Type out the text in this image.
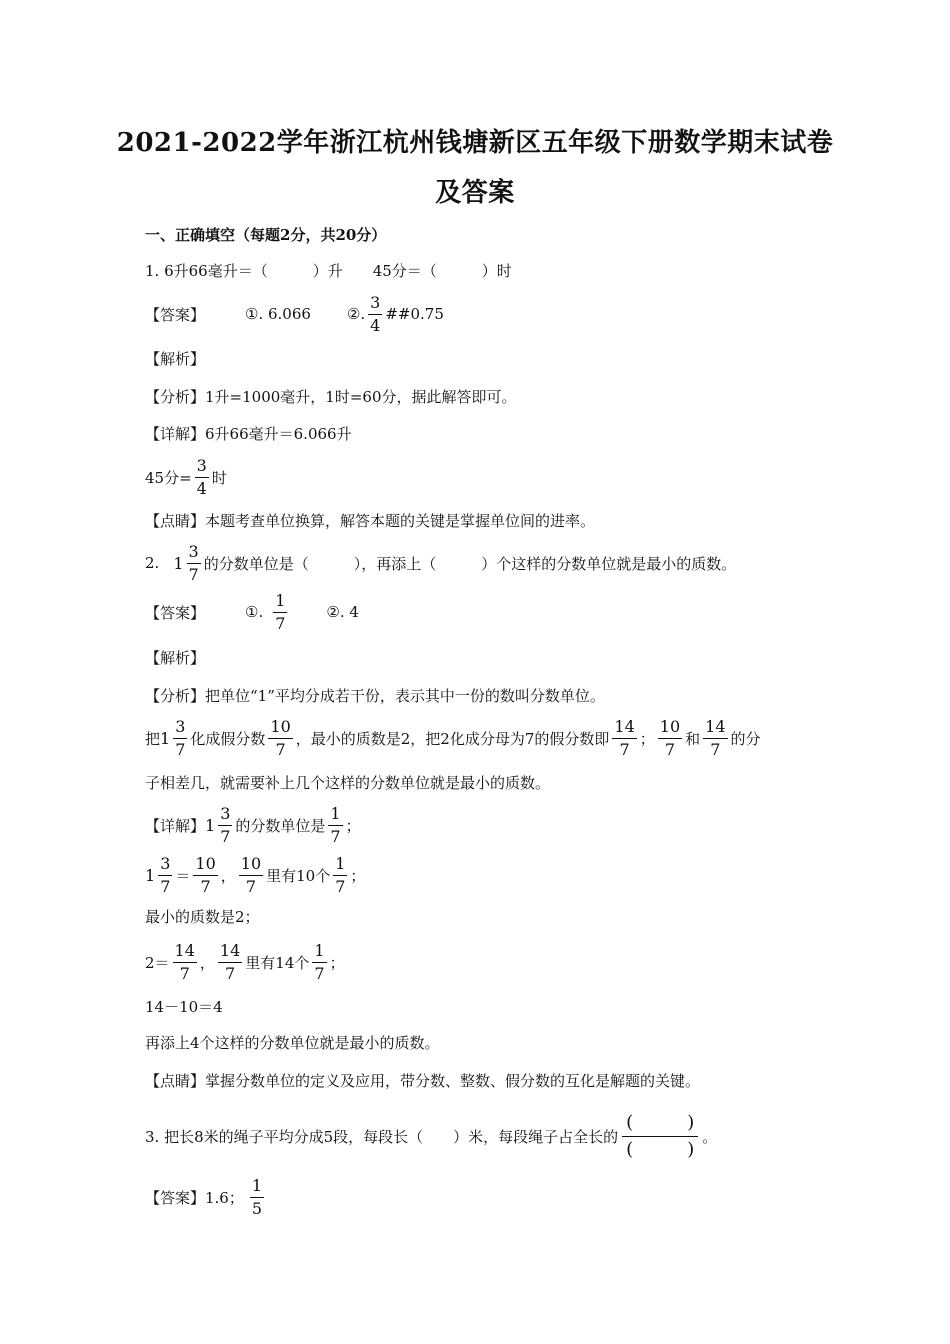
2021-2022学年浙江杭州钱塘新区五年级下册数学期末试卷
及答案
一、正确填空（每题2分，共20分）
1. 6升66毫升＝（　　　）升　　45分＝（　　　）时
【答案】	①. 6.066 ②. $\frac{3}{4}$ ##0.75
【解析】
【分析】1升=1000毫升，1时=60分，据此解答即可。
【详解】6升66毫升＝6.066升
45分= $\frac{3}{4}$ 时
【点睛】本题考查单位换算，解答本题的关键是掌握单位间的进率。
2. $1 \frac{3}{7}$ 的分数单位是（　　　），再添上（　　　）个这样的分数单位就是最小的质数。
【答案】	①. $\frac{1}{7}$	②. 4
【解析】
【分析】把单位“1”平均分成若干份，表示其中一份的数叫分数单位。
把 $1 \frac{3}{7}$ 化成假分数 $\frac{10}{7}$ ，最小的质数是2，把2化成分母为7的假分数即 $\frac{14}{7}$ ； $\frac{10}{7}$ 和 $\frac{14}{7}$ 的分
子相差几，就需要补上几个这样的分数单位就是最小的质数。
【详解】 $1 \frac{3}{7}$ 的分数单位是 $\frac{1}{7}$ ；
$1 \frac{3}{7} = \frac{10}{7}$ ， $\frac{10}{7}$ 里有10个 $\frac{1}{7}$ ；
最小的质数是2；
$2= \frac{14}{7}$ ， $\frac{14}{7}$ 里有14个 $\frac{1}{7}$ ；
14－10＝4
再添上4个这样的分数单位就是最小的质数。
【点睛】掌握分数单位的定义及应用，带分数、整数、假分数的互化是解题的关键。
3. 把长8米的绳子平均分成5段，每段长（　　）米，每段绳子占全长的
(　　　)
(　　　)
。
【答案】1.6； $\frac{1}{5}$
